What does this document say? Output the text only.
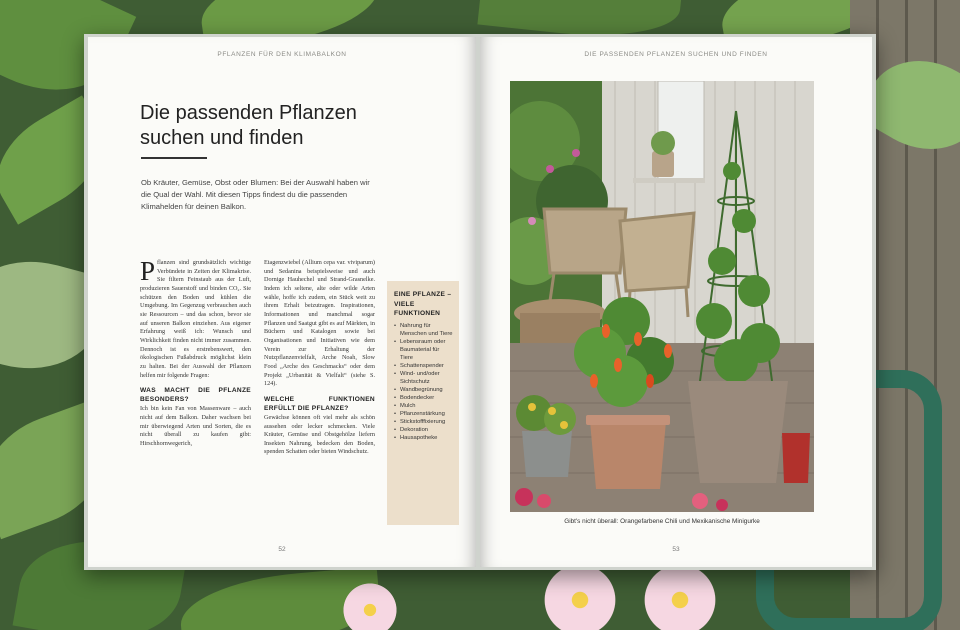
PFLANZEN FÜR DEN KLIMABALKON
Die passenden Pflanzen suchen und finden

Ob Kräuter, Gemüse, Obst oder Blumen: Bei der Auswahl haben wir die Qual der Wahl. Mit diesen Tipps findest du die passenden Klimahelden für deinen Balkon.

P flanzen sind grundsätzlich wichtige Verbündete in Zeiten der Klimakrise. Sie filtern Feinstaub aus der Luft, produzieren Sauerstoff und binden CO₂. Sie schützen den Boden und kühlen die Umgebung. Im Gegenzug verbrauchen auch sie Ressourcen – und das schon, bevor sie auf unseren Balkon einziehen. Aus eigener Erfahrung weiß ich: Wunsch und Wirklichkeit finden nicht immer zusammen. Dennoch ist es erstrebenswert, den ökologischen Fußabdruck möglichst klein zu halten. Bei der Auswahl der Pflanzen helfen mir folgende Fragen:

WAS MACHT DIE PFLANZE BESONDERS?

Ich bin kein Fan von Massenware – auch nicht auf dem Balkon. Daher wachsen bei mir überwiegend Arten und Sorten, die es nicht überall zu kaufen gibt: Hirschhornwegerich,

Etagenzwiebel (Allium cepa var. viviparum) und Sedanina beispielsweise und auch Dornige Hauhechel und Strand-Grasnelke. Indem ich seltene, alte oder wilde Arten wähle, hoffe ich zudem, ein Stück weit zu ihrem Erhalt beizutragen. Inspirationen, Informationen und manchmal sogar Pflanzen und Saatgut gibt es auf Märkten, in Büchern und Katalogen sowie bei Organisationen und Initiativen wie dem Verein zur Erhaltung der Nutzpflanzenvielfalt, Arche Noah, Slow Food „Arche des Geschmacks“ oder dem Projekt „Urbanität & Vielfalt“ (siehe S. 124).

WELCHE FUNKTIONEN ERFÜLLT DIE PFLANZE?

Gewächse können oft viel mehr als schön aussehen oder lecker schmecken. Viele Kräuter, Gemüse und Obstgehölze liefern Insekten Nahrung, bedecken den Boden, spenden Schatten oder bieten Windschutz.

EINE PFLANZE – VIELE FUNKTIONEN
• Nahrung für Menschen und Tiere
• Lebensraum oder Baumaterial für Tiere
• Schattenspender
• Wind- und/oder Sichtschutz
• Wandbegrünung
• Bodendecker
• Mulch
• Pflanzenstärkung
• Stickstofffixierung
• Dekoration
• Hausapotheke
52
DIE PASSENDEN PFLANZEN SUCHEN UND FINDEN
Gibt's nicht überall: Orangefarbene Chili und Mexikanische Minigurke
53
